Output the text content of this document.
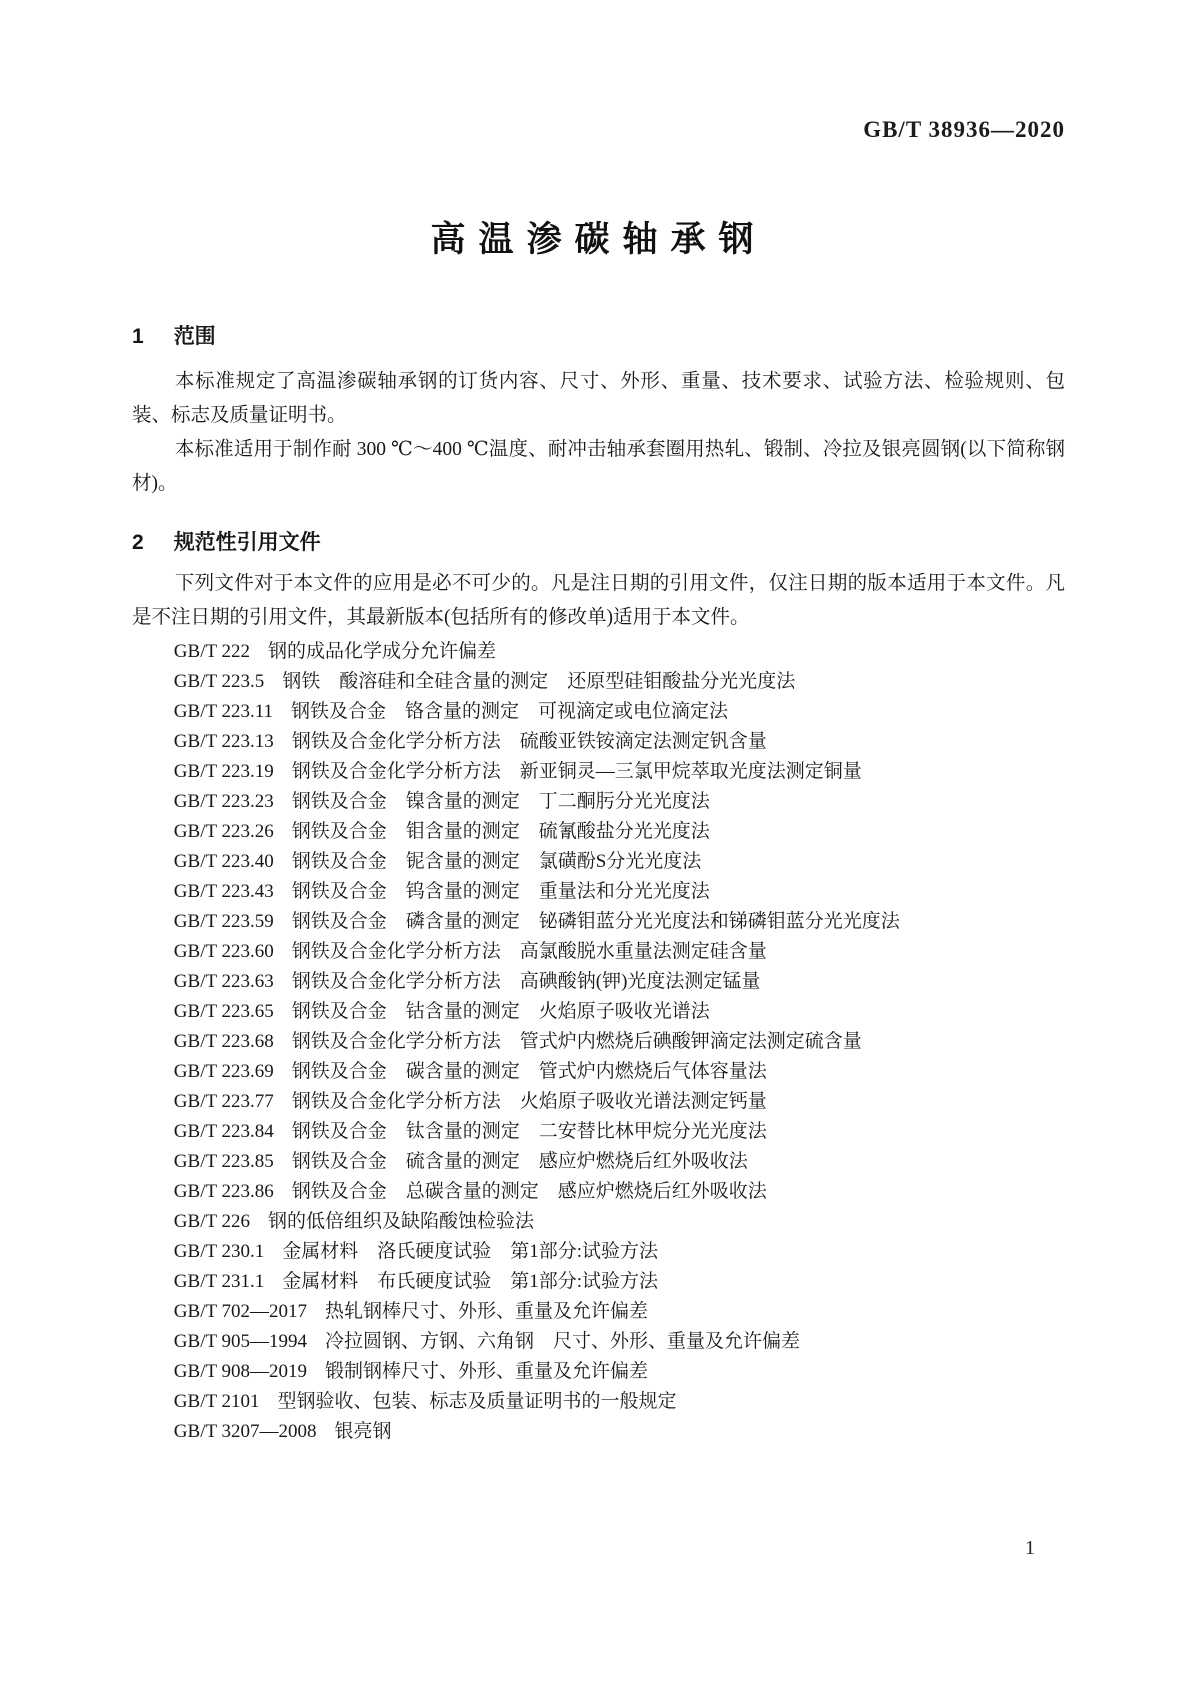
GB/T 38936—2020
高温渗碳轴承钢
1 范围

本标准规定了高温渗碳轴承钢的订货内容、尺寸、外形、重量、技术要求、试验方法、检验规则、包装、标志及质量证明书。

本标准适用于制作耐 300 ℃～400 ℃温度、耐冲击轴承套圈用热轧、锻制、冷拉及银亮圆钢(以下简称钢材)。

2 规范性引用文件

下列文件对于本文件的应用是必不可少的。凡是注日期的引用文件，仅注日期的版本适用于本文件。凡是不注日期的引用文件，其最新版本(包括所有的修改单)适用于本文件。

GB/T 222 钢的成品化学成分允许偏差
GB/T 223.5 钢铁　酸溶硅和全硅含量的测定　还原型硅钼酸盐分光光度法
GB/T 223.11 钢铁及合金　铬含量的测定　可视滴定或电位滴定法
GB/T 223.13 钢铁及合金化学分析方法　硫酸亚铁铵滴定法测定钒含量
GB/T 223.19 钢铁及合金化学分析方法　新亚铜灵—三氯甲烷萃取光度法测定铜量
GB/T 223.23 钢铁及合金　镍含量的测定　丁二酮肟分光光度法
GB/T 223.26 钢铁及合金　钼含量的测定　硫氰酸盐分光光度法
GB/T 223.40 钢铁及合金　铌含量的测定　氯磺酚S分光光度法
GB/T 223.43 钢铁及合金　钨含量的测定　重量法和分光光度法
GB/T 223.59 钢铁及合金　磷含量的测定　铋磷钼蓝分光光度法和锑磷钼蓝分光光度法
GB/T 223.60 钢铁及合金化学分析方法　高氯酸脱水重量法测定硅含量
GB/T 223.63 钢铁及合金化学分析方法　高碘酸钠(钾)光度法测定锰量
GB/T 223.65 钢铁及合金　钴含量的测定　火焰原子吸收光谱法
GB/T 223.68 钢铁及合金化学分析方法　管式炉内燃烧后碘酸钾滴定法测定硫含量
GB/T 223.69 钢铁及合金　碳含量的测定　管式炉内燃烧后气体容量法
GB/T 223.77 钢铁及合金化学分析方法　火焰原子吸收光谱法测定钙量
GB/T 223.84 钢铁及合金　钛含量的测定　二安替比林甲烷分光光度法
GB/T 223.85 钢铁及合金　硫含量的测定　感应炉燃烧后红外吸收法
GB/T 223.86 钢铁及合金　总碳含量的测定　感应炉燃烧后红外吸收法
GB/T 226 钢的低倍组织及缺陷酸蚀检验法
GB/T 230.1 金属材料　洛氏硬度试验　第1部分:试验方法
GB/T 231.1 金属材料　布氏硬度试验　第1部分:试验方法
GB/T 702—2017 热轧钢棒尺寸、外形、重量及允许偏差
GB/T 905—1994 冷拉圆钢、方钢、六角钢　尺寸、外形、重量及允许偏差
GB/T 908—2019 锻制钢棒尺寸、外形、重量及允许偏差
GB/T 2101 型钢验收、包装、标志及质量证明书的一般规定
GB/T 3207—2008 银亮钢
1
